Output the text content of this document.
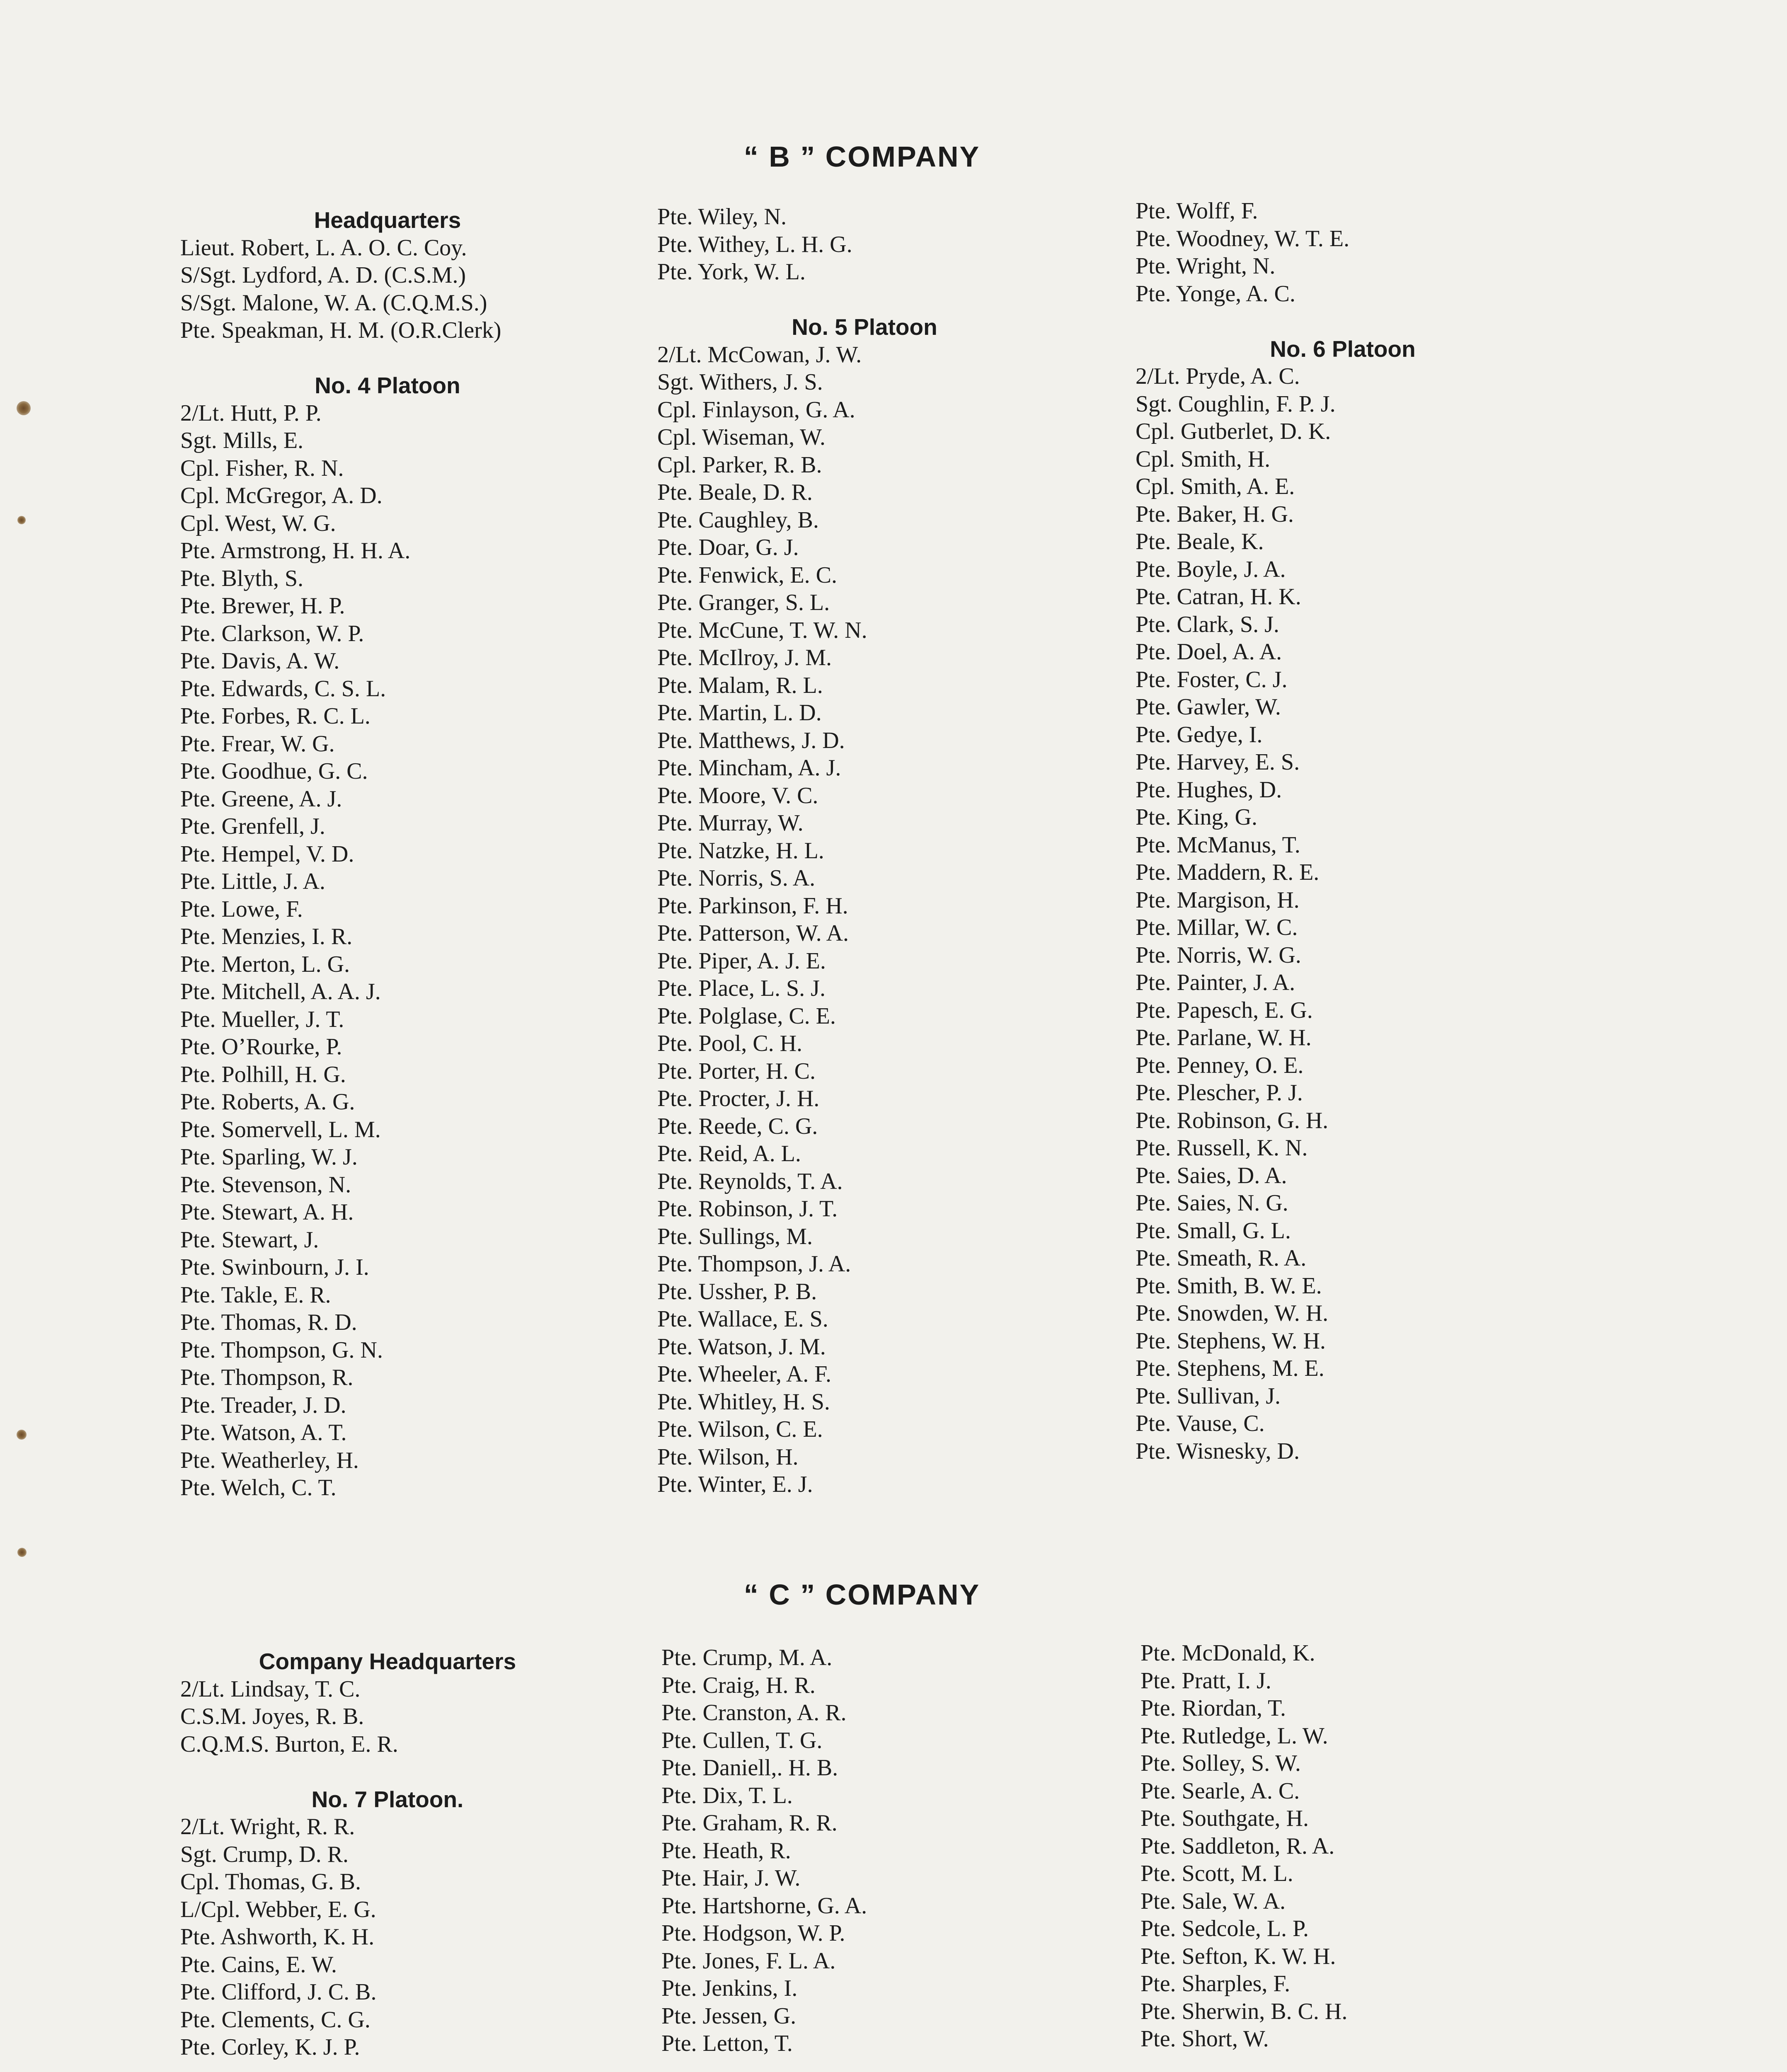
“ B ” COMPANY
Headquarters
Lieut. Robert, L. A. O. C. Coy.
S/Sgt. Lydford, A. D. (C.S.M.)
S/Sgt. Malone, W. A. (C.Q.M.S.)
Pte. Speakman, H. M. (O.R.Clerk)
No. 4 Platoon
2/Lt. Hutt, P. P.
Sgt. Mills, E.
Cpl. Fisher, R. N.
Cpl. McGregor, A. D.
Cpl. West, W. G.
Pte. Armstrong, H. H. A.
Pte. Blyth, S.
Pte. Brewer, H. P.
Pte. Clarkson, W. P.
Pte. Davis, A. W.
Pte. Edwards, C. S. L.
Pte. Forbes, R. C. L.
Pte. Frear, W. G.
Pte. Goodhue, G. C.
Pte. Greene, A. J.
Pte. Grenfell, J.
Pte. Hempel, V. D.
Pte. Little, J. A.
Pte. Lowe, F.
Pte. Menzies, I. R.
Pte. Merton, L. G.
Pte. Mitchell, A. A. J.
Pte. Mueller, J. T.
Pte. O’Rourke, P.
Pte. Polhill, H. G.
Pte. Roberts, A. G.
Pte. Somervell, L. M.
Pte. Sparling, W. J.
Pte. Stevenson, N.
Pte. Stewart, A. H.
Pte. Stewart, J.
Pte. Swinbourn, J. I.
Pte. Takle, E. R.
Pte. Thomas, R. D.
Pte. Thompson, G. N.
Pte. Thompson, R.
Pte. Treader, J. D.
Pte. Watson, A. T.
Pte. Weatherley, H.
Pte. Welch, C. T.
Pte. Wiley, N.
Pte. Withey, L. H. G.
Pte. York, W. L.
No. 5 Platoon
2/Lt. McCowan, J. W.
Sgt. Withers, J. S.
Cpl. Finlayson, G. A.
Cpl. Wiseman, W.
Cpl. Parker, R. B.
Pte. Beale, D. R.
Pte. Caughley, B.
Pte. Doar, G. J.
Pte. Fenwick, E. C.
Pte. Granger, S. L.
Pte. McCune, T. W. N.
Pte. McIlroy, J. M.
Pte. Malam, R. L.
Pte. Martin, L. D.
Pte. Matthews, J. D.
Pte. Mincham, A. J.
Pte. Moore, V. C.
Pte. Murray, W.
Pte. Natzke, H. L.
Pte. Norris, S. A.
Pte. Parkinson, F. H.
Pte. Patterson, W. A.
Pte. Piper, A. J. E.
Pte. Place, L. S. J.
Pte. Polglase, C. E.
Pte. Pool, C. H.
Pte. Porter, H. C.
Pte. Procter, J. H.
Pte. Reede, C. G.
Pte. Reid, A. L.
Pte. Reynolds, T. A.
Pte. Robinson, J. T.
Pte. Sullings, M.
Pte. Thompson, J. A.
Pte. Ussher, P. B.
Pte. Wallace, E. S.
Pte. Watson, J. M.
Pte. Wheeler, A. F.
Pte. Whitley, H. S.
Pte. Wilson, C. E.
Pte. Wilson, H.
Pte. Winter, E. J.
Pte. Wolff, F.
Pte. Woodney, W. T. E.
Pte. Wright, N.
Pte. Yonge, A. C.
No. 6 Platoon
2/Lt. Pryde, A. C.
Sgt. Coughlin, F. P. J.
Cpl. Gutberlet, D. K.
Cpl. Smith, H.
Cpl. Smith, A. E.
Pte. Baker, H. G.
Pte. Beale, K.
Pte. Boyle, J. A.
Pte. Catran, H. K.
Pte. Clark, S. J.
Pte. Doel, A. A.
Pte. Foster, C. J.
Pte. Gawler, W.
Pte. Gedye, I.
Pte. Harvey, E. S.
Pte. Hughes, D.
Pte. King, G.
Pte. McManus, T.
Pte. Maddern, R. E.
Pte. Margison, H.
Pte. Millar, W. C.
Pte. Norris, W. G.
Pte. Painter, J. A.
Pte. Papesch, E. G.
Pte. Parlane, W. H.
Pte. Penney, O. E.
Pte. Plescher, P. J.
Pte. Robinson, G. H.
Pte. Russell, K. N.
Pte. Saies, D. A.
Pte. Saies, N. G.
Pte. Small, G. L.
Pte. Smeath, R. A.
Pte. Smith, B. W. E.
Pte. Snowden, W. H.
Pte. Stephens, W. H.
Pte. Stephens, M. E.
Pte. Sullivan, J.
Pte. Vause, C.
Pte. Wisnesky, D.
“ C ” COMPANY
Company Headquarters
2/Lt. Lindsay, T. C.
C.S.M. Joyes, R. B.
C.Q.M.S. Burton, E. R.
No. 7 Platoon.
2/Lt. Wright, R. R.
Sgt. Crump, D. R.
Cpl. Thomas, G. B.
L/Cpl. Webber, E. G.
Pte. Ashworth, K. H.
Pte. Cains, E. W.
Pte. Clifford, J. C. B.
Pte. Clements, C. G.
Pte. Corley, K. J. P.
Pte. Crump, M. A.
Pte. Craig, H. R.
Pte. Cranston, A. R.
Pte. Cullen, T. G.
Pte. Daniell,. H. B.
Pte. Dix, T. L.
Pte. Graham, R. R.
Pte. Heath, R.
Pte. Hair, J. W.
Pte. Hartshorne, G. A.
Pte. Hodgson, W. P.
Pte. Jones, F. L. A.
Pte. Jenkins, I.
Pte. Jessen, G.
Pte. Letton, T.
Pte. McDonald, K.
Pte. Pratt, I. J.
Pte. Riordan, T.
Pte. Rutledge, L. W.
Pte. Solley, S. W.
Pte. Searle, A. C.
Pte. Southgate, H.
Pte. Saddleton, R. A.
Pte. Scott, M. L.
Pte. Sale, W. A.
Pte. Sedcole, L. P.
Pte. Sefton, K. W. H.
Pte. Sharples, F.
Pte. Sherwin, B. C. H.
Pte. Short, W.
